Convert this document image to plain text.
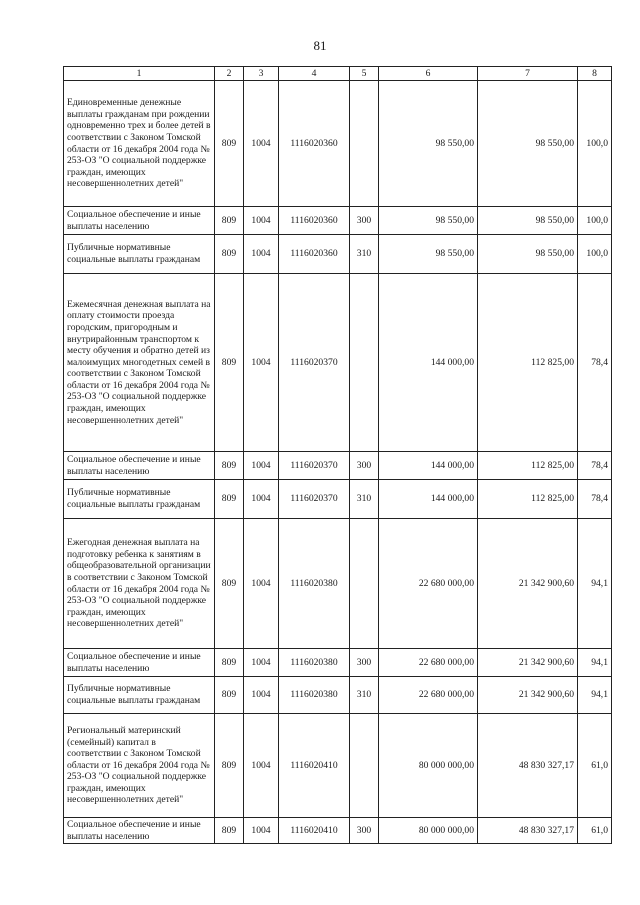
81
1	2	3	4	5	6	7	8
Единовременные денежные выплаты гражданам при рождении одновременно трех и более детей в соответствии с Законом Томской области от 16 декабря 2004 года № 253-ОЗ "О социальной поддержке граждан, имеющих несовершеннолетних детей"	809	1004	1116020360		98 550,00	98 550,00	100,0
Социальное обеспечение и иные выплаты населению	809	1004	1116020360	300	98 550,00	98 550,00	100,0
Публичные нормативные социальные выплаты гражданам	809	1004	1116020360	310	98 550,00	98 550,00	100,0
Ежемесячная денежная выплата на оплату стоимости проезда городским, пригородным и внутрирайонным транспортом к месту обучения и обратно детей из малоимущих многодетных семей в соответствии с Законом Томской области от 16 декабря 2004 года № 253-ОЗ "О социальной поддержке граждан, имеющих несовершеннолетних детей"	809	1004	1116020370		144 000,00	112 825,00	78,4
Социальное обеспечение и иные выплаты населению	809	1004	1116020370	300	144 000,00	112 825,00	78,4
Публичные нормативные социальные выплаты гражданам	809	1004	1116020370	310	144 000,00	112 825,00	78,4
Ежегодная денежная выплата на подготовку ребенка к занятиям в общеобразовательной организации в соответствии с Законом Томской области от 16 декабря 2004 года № 253-ОЗ "О социальной поддержке граждан, имеющих несовершеннолетних детей"	809	1004	1116020380		22 680 000,00	21 342 900,60	94,1
Социальное обеспечение и иные выплаты населению	809	1004	1116020380	300	22 680 000,00	21 342 900,60	94,1
Публичные нормативные социальные выплаты гражданам	809	1004	1116020380	310	22 680 000,00	21 342 900,60	94,1
Региональный материнский (семейный) капитал в соответствии с Законом Томской области от 16 декабря 2004 года № 253-ОЗ "О социальной поддержке граждан, имеющих несовершеннолетних детей"	809	1004	1116020410		80 000 000,00	48 830 327,17	61,0
Социальное обеспечение и иные выплаты населению	809	1004	1116020410	300	80 000 000,00	48 830 327,17	61,0
